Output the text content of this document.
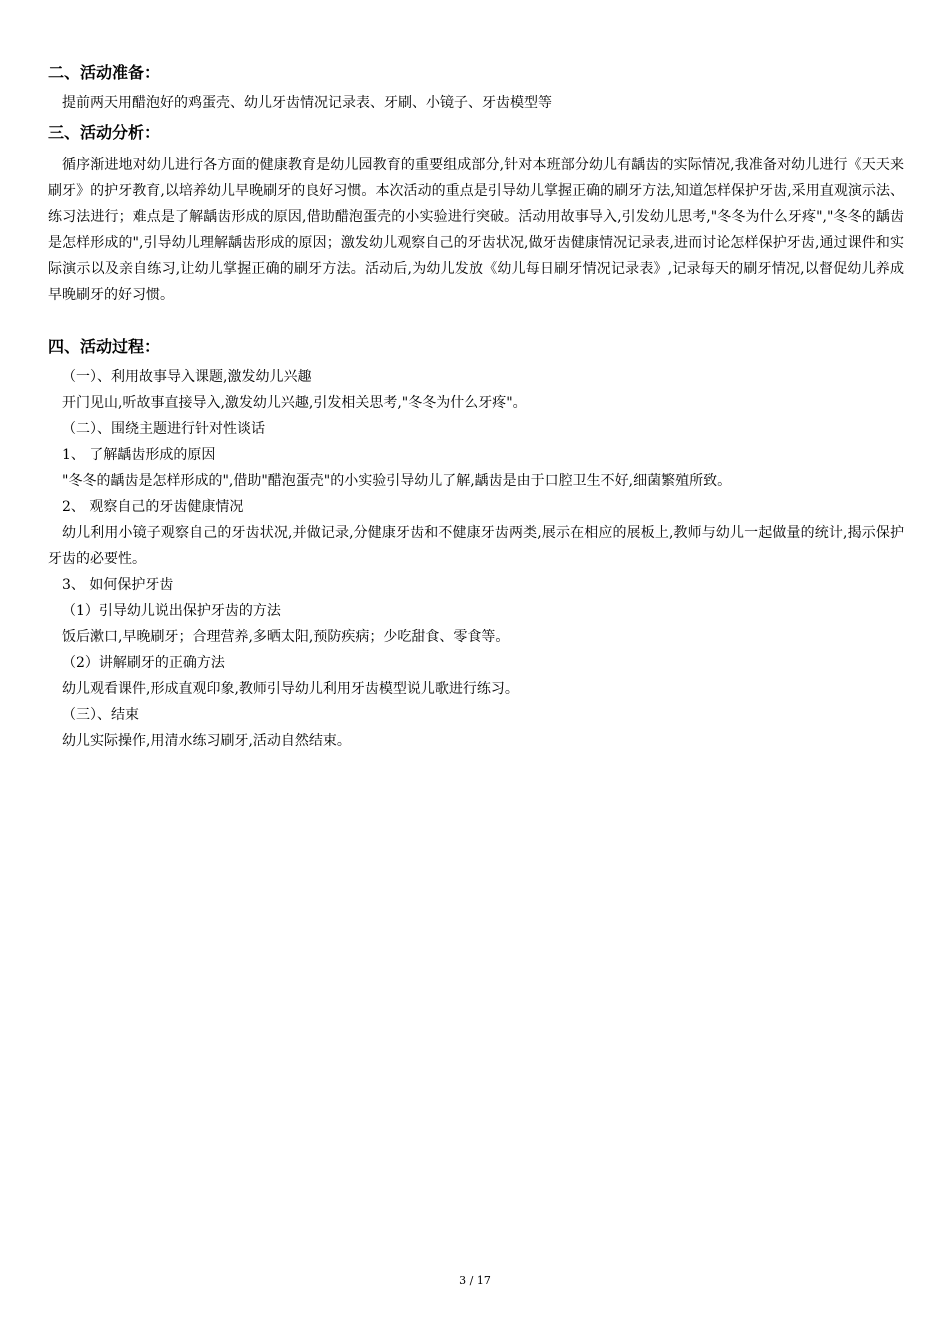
二、活动准备：

提前两天用醋泡好的鸡蛋壳、幼儿牙齿情况记录表、牙刷、小镜子、牙齿模型等

三、活动分析：

循序渐进地对幼儿进行各方面的健康教育是幼儿园教育的重要组成部分,针对本班部分幼儿有龋齿的实际情况,我准备对幼儿进行《天天来刷牙》的护牙教育,以培养幼儿早晚刷牙的良好习惯。本次活动的重点是引导幼儿掌握正确的刷牙方法,知道怎样保护牙齿,采用直观演示法、练习法进行；难点是了解龋齿形成的原因,借助醋泡蛋壳的小实验进行突破。活动用故事导入,引发幼儿思考,"冬冬为什么牙疼","冬冬的龋齿是怎样形成的",引导幼儿理解龋齿形成的原因；激发幼儿观察自己的牙齿状况,做牙齿健康情况记录表,进而讨论怎样保护牙齿,通过课件和实际演示以及亲自练习,让幼儿掌握正确的刷牙方法。活动后,为幼儿发放《幼儿每日刷牙情况记录表》,记录每天的刷牙情况,以督促幼儿养成早晚刷牙的好习惯。

四、活动过程：

（一）、利用故事导入课题,激发幼儿兴趣

开门见山,听故事直接导入,激发幼儿兴趣,引发相关思考,"冬冬为什么牙疼"。

（二）、围绕主题进行针对性谈话

1、 了解龋齿形成的原因

"冬冬的龋齿是怎样形成的",借助"醋泡蛋壳"的小实验引导幼儿了解,龋齿是由于口腔卫生不好,细菌繁殖所致。

2、 观察自己的牙齿健康情况

幼儿利用小镜子观察自己的牙齿状况,并做记录,分健康牙齿和不健康牙齿两类,展示在相应的展板上,教师与幼儿一起做量的统计,揭示保护牙齿的必要性。

3、 如何保护牙齿

（1）引导幼儿说出保护牙齿的方法

饭后漱口,早晚刷牙；合理营养,多晒太阳,预防疾病；少吃甜食、零食等。

（2）讲解刷牙的正确方法

幼儿观看课件,形成直观印象,教师引导幼儿利用牙齿模型说儿歌进行练习。

（三）、结束

幼儿实际操作,用清水练习刷牙,活动自然结束。

3 / 17
